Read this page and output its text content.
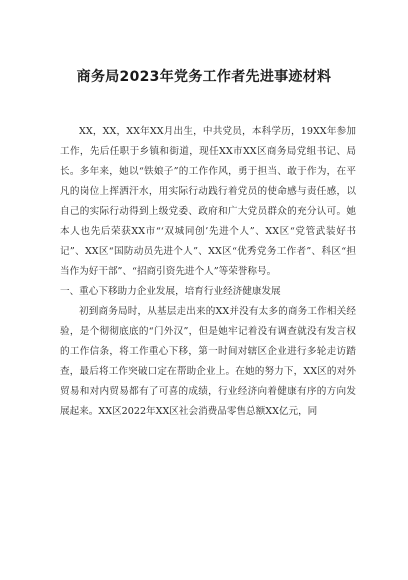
商务局2023年党务工作者先进事迹材料

XX，XX，XX年XX月出生，中共党员，本科学历，19XX年参加工作，先后任职于乡镇和街道，现任XX市XX区商务局党组书记、局长。多年来，她以“铁娘子”的工作作风，勇于担当、敢于作为，在平凡的岗位上挥洒汗水，用实际行动践行着党员的使命感与责任感，以自己的实际行动得到上级党委、政府和广大党员群众的充分认可。她本人也先后荣获XX市“‘双城同创’先进个人”、XX区“党管武装好书记”、XX区“国防动员先进个人”、XX区“优秀党务工作者”、科区“担当作为好干部”、“招商引资先进个人”等荣誉称号。

一、重心下移助力企业发展，培育行业经济健康发展

初到商务局时，从基层走出来的XX并没有太多的商务工作相关经验，是个彻彻底底的“门外汉”，但是她牢记着没有调查就没有发言权的工作信条，将工作重心下移，第一时间对辖区企业进行多轮走访踏查，最后将工作突破口定在帮助企业上。在她的努力下，XX区的对外贸易和对内贸易都有了可喜的成绩，行业经济向着健康有序的方向发展起来。XX区2022年XX区社会消费品零售总额XX亿元，同
